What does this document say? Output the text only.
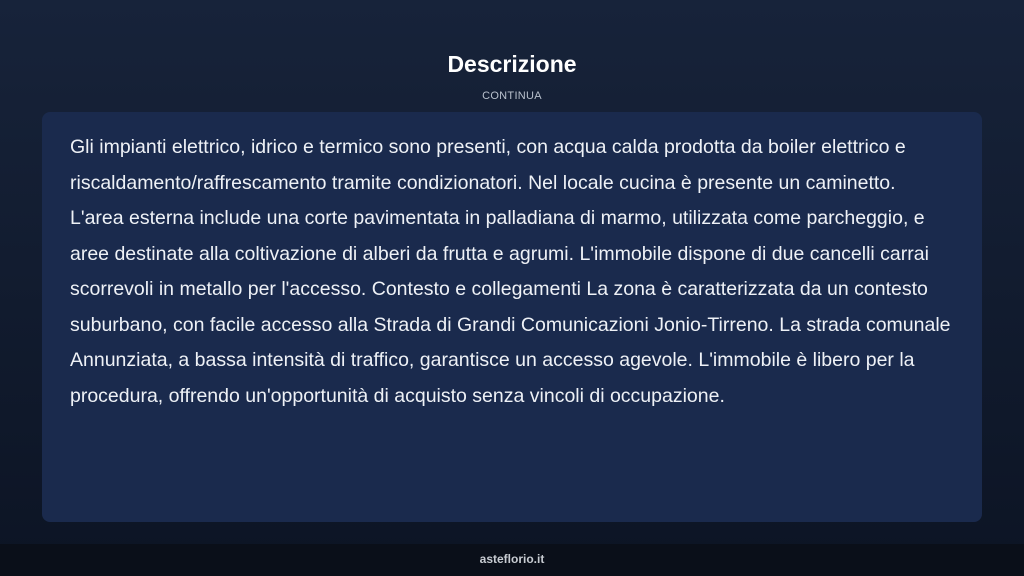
Descrizione
CONTINUA

Gli impianti elettrico, idrico e termico sono presenti, con acqua calda prodotta da boiler elettrico e riscaldamento/raffrescamento tramite condizionatori. Nel locale cucina è presente un caminetto. L'area esterna include una corte pavimentata in palladiana di marmo, utilizzata come parcheggio, e aree destinate alla coltivazione di alberi da frutta e agrumi. L'immobile dispone di due cancelli carrai scorrevoli in metallo per l'accesso. Contesto e collegamenti La zona è caratterizzata da un contesto suburbano, con facile accesso alla Strada di Grandi Comunicazioni Jonio-Tirreno. La strada comunale Annunziata, a bassa intensità di traffico, garantisce un accesso agevole. L'immobile è libero per la procedura, offrendo un'opportunità di acquisto senza vincoli di occupazione.

asteflorio.it
